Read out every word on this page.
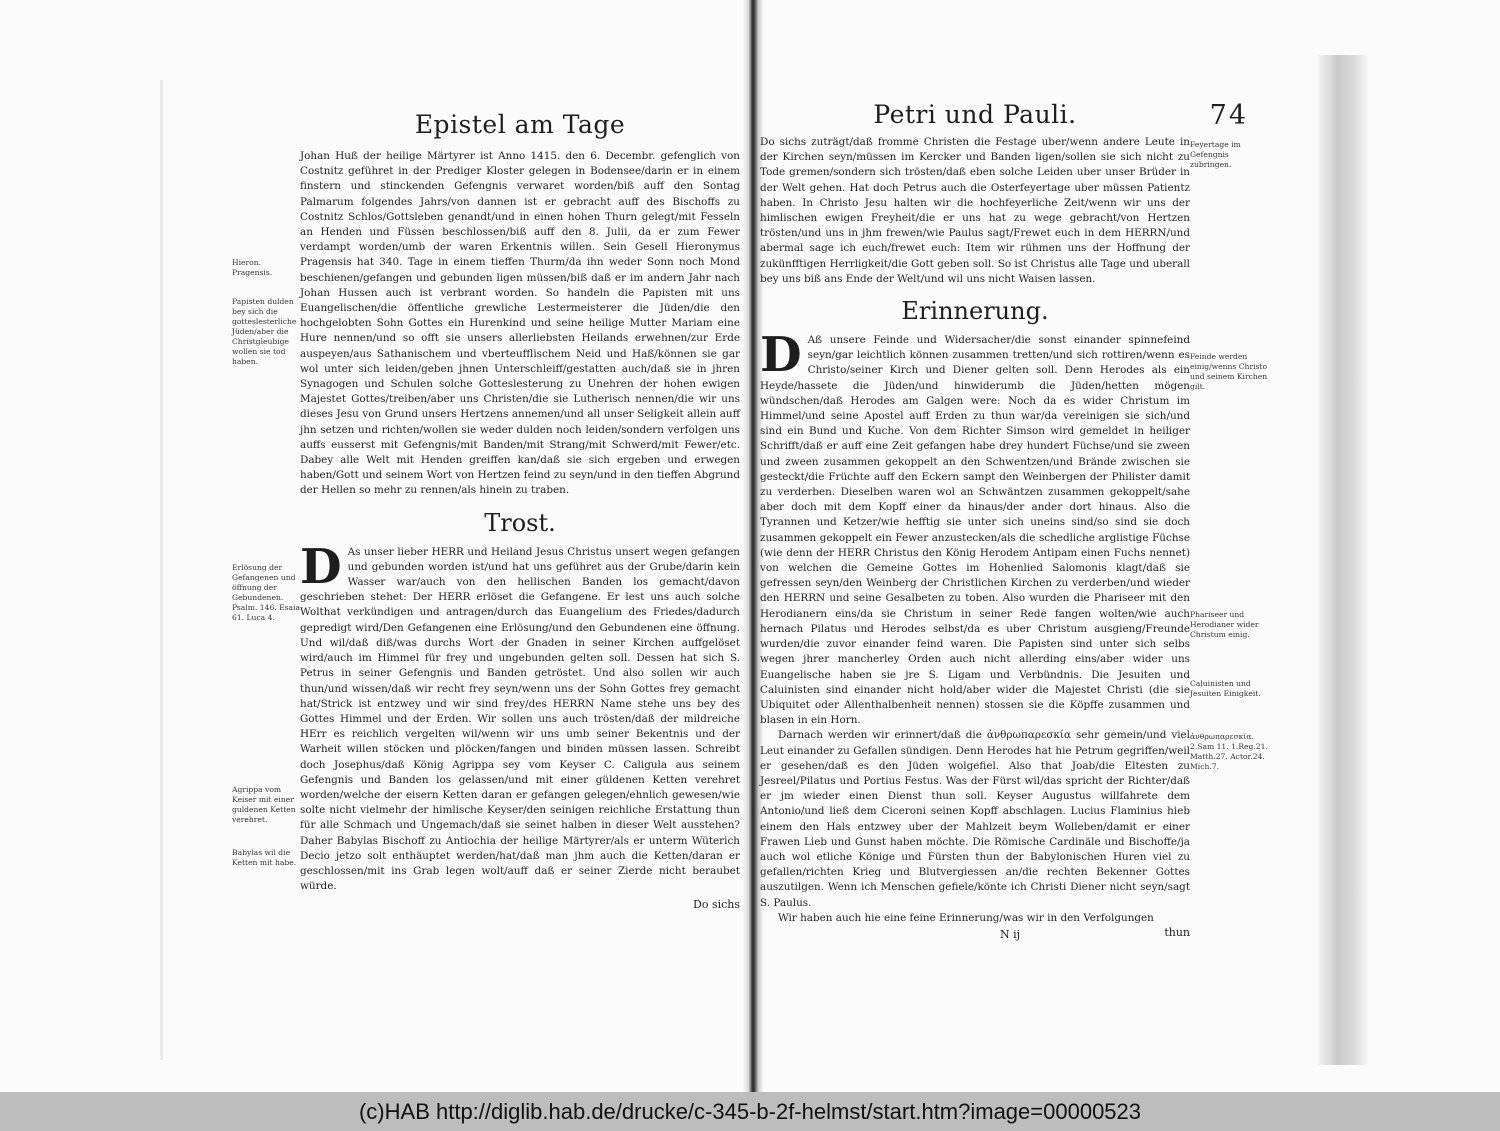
Epistel am Tage

Johan Huß der heilige Märtyrer ist Anno 1415. den 6. Decembr. gefenglich von Costnitz geführet in der Prediger Kloster gelegen in Bodensee/darin er in einem finstern und stinckenden Gefengnis verwaret worden/biß auff den Sontag Palmarum folgendes Jahrs/von dannen ist er gebracht auff des Bischoffs zu Costnitz Schlos/Gottsleben genandt/und in einen hohen Thurn gelegt/mit Fesseln an Henden und Füssen beschlossen/biß auff den 8. Julii, da er zum Fewer verdampt worden/umb der waren Erkentnis willen. Sein Gesell Hieronymus Pragensis hat 340. Tage in einem tieffen Thurm/da ihn weder Sonn noch Mond beschienen/gefangen und gebunden ligen müssen/biß daß er im andern Jahr nach Johan Hussen auch ist verbrant worden. So handeln die Papisten mit uns Euangelischen/die öffentliche grewliche Lestermeisterer die Jüden/die den hochgelobten Sohn Gottes ein Hurenkind und seine heilige Mutter Mariam eine Hure nennen/und so offt sie unsers allerliebsten Heilands erwehnen/zur Erde auspeyen/aus Sathanischem und vberteufflischem Neid und Haß/können sie gar wol unter sich leiden/geben jhnen Unterschleiff/gestatten auch/daß sie in jhren Synagogen und Schulen solche Gotteslesterung zu Unehren der hohen ewigen Majestet Gottes/treiben/aber uns Christen/die sie Lutherisch nennen/die wir uns dieses Jesu von Grund unsers Hertzens annemen/und all unser Seligkeit allein auff jhn setzen und richten/wollen sie weder dulden noch leiden/sondern verfolgen uns auffs eusserst mit Gefengnis/mit Banden/mit Strang/mit Schwerd/mit Fewer/etc. Dabey alle Welt mit Henden greiffen kan/daß sie sich ergeben und erwegen haben/Gott und seinem Wort von Hertzen feind zu seyn/und in den tieffen Abgrund der Hellen so mehr zu rennen/als hinein zu traben.

Trost.
D As unser lieber HERR und Heiland Jesus Christus unsert wegen gefangen und gebunden worden ist/und hat uns geführet aus der Grube/darin kein Wasser war/auch von den hellischen Banden los gemacht/davon geschrieben stehet: Der HERR erlöset die Gefangene. Er lest uns auch solche Wolthat verkündigen und antragen/durch das Euangelium des Friedes/dadurch gepredigt wird/Den Gefangenen eine Erlösung/und den Gebundenen eine öffnung. Und wil/daß diß/was durchs Wort der Gnaden in seiner Kirchen auffgelöset wird/auch im Himmel für frey und ungebunden gelten soll. Dessen hat sich S. Petrus in seiner Gefengnis und Banden getröstet. Und also sollen wir auch thun/und wissen/daß wir recht frey seyn/wenn uns der Sohn Gottes frey gemacht hat/Strick ist entzwey und wir sind frey/des HERRN Name stehe uns bey des Gottes Himmel und der Erden. Wir sollen uns auch trösten/daß der mildreiche HErr es reichlich vergelten wil/wenn wir uns umb seiner Bekentnis und der Warheit willen stöcken und plöcken/fangen und binden müssen lassen. Schreibt doch Josephus/daß König Agrippa sey vom Keyser C. Caligula aus seinem Gefengnis und Banden los gelassen/und mit einer güldenen Ketten verehret worden/welche der eisern Ketten daran er gefangen gelegen/ehnlich gewesen/wie solte nicht vielmehr der himlische Keyser/den seinigen reichliche Erstattung thun für alle Schmach und Ungemach/daß sie seinet halben in dieser Welt ausstehen? Daher Babylas Bischoff zu Antiochia der heilige Märtyrer/als er unterm Wüterich Decio jetzo solt enthäuptet werden/hat/daß man jhm auch die Ketten/daran er geschlossen/mit ins Grab legen wolt/auff daß er seiner Zierde nicht beraubet würde.

Do sichs
Hieron. Pragensis.
Papisten dulden bey sich die gotteslesterliche Jüden/aber die Christgleubige wollen sie tod haben.
Erlösung der Gefangenen und öffnung der Gebundenen. Psalm. 146. Esaia 61. Luca 4.
Agrippa vom Keiser mit einer guldenen Ketten verehret.
Babylas wil die Ketten mit habe.
Petri und Pauli.	74

Do sichs zuträgt/daß fromme Christen die Festage uber/wenn andere Leute in der Kirchen seyn/müssen im Kercker und Banden ligen/sollen sie sich nicht zu Tode gremen/sondern sich trösten/daß eben solche Leiden uber unser Brüder in der Welt gehen. Hat doch Petrus auch die Osterfeyertage uber müssen Patientz haben. In Christo Jesu halten wir die hochfeyerliche Zeit/wenn wir uns der himlischen ewigen Freyheit/die er uns hat zu wege gebracht/von Hertzen trösten/und uns in jhm frewen/wie Paulus sagt/Frewet euch in dem HERRN/und abermal sage ich euch/frewet euch: Item wir rühmen uns der Hoffnung der zukünfftigen Herrligkeit/die Gott geben soll. So ist Christus alle Tage und uberall bey uns biß ans Ende der Welt/und wil uns nicht Waisen lassen.

Erinnerung.
D Aß unsere Feinde und Widersacher/die sonst einander spinnefeind seyn/gar leichtlich können zusammen tretten/und sich rottiren/wenn es Christo/seiner Kirch und Diener gelten soll. Denn Herodes als ein Heyde/hassete die Jüden/und hinwiderumb die Jüden/hetten mögen wündschen/daß Herodes am Galgen were: Noch da es wider Christum im Himmel/und seine Apostel auff Erden zu thun war/da vereinigen sie sich/und sind ein Bund und Kuche. Von dem Richter Simson wird gemeldet in heiliger Schrifft/daß er auff eine Zeit gefangen habe drey hundert Füchse/und sie zween und zween zusammen gekoppelt an den Schwentzen/und Brände zwischen sie gesteckt/die Früchte auff den Eckern sampt den Weinbergen der Philister damit zu verderben. Dieselben waren wol an Schwäntzen zusammen gekoppelt/sahe aber doch mit dem Kopff einer da hinaus/der ander dort hinaus. Also die Tyrannen und Ketzer/wie hefftig sie unter sich uneins sind/so sind sie doch zusammen gekoppelt ein Fewer anzustecken/als die schedliche arglistige Füchse (wie denn der HERR Christus den König Herodem Antipam einen Fuchs nennet) von welchen die Gemeine Gottes im Hohenlied Salomonis klagt/daß sie gefressen seyn/den Weinberg der Christlichen Kirchen zu verderben/und wieder den HERRN und seine Gesalbeten zu toben. Also wurden die Phariseer mit den Herodianern eins/da sie Christum in seiner Rede fangen wolten/wie auch hernach Pilatus und Herodes selbst/da es uber Christum ausgieng/Freunde wurden/die zuvor einander feind waren. Die Papisten sind unter sich selbs wegen jhrer mancherley Orden auch nicht allerding eins/aber wider uns Euangelische haben sie jre S. Ligam und Verbündnis. Die Jesuiten und Caluinisten sind einander nicht hold/aber wider die Majestet Christi (die sie Ubiquitet oder Allenthalbenheit nennen) stossen sie die Köpffe zusammen und blasen in ein Horn.

Darnach werden wir erinnert/daß die ἀνθρωπαρεσκία sehr gemein/und viel Leut einander zu Gefallen sündigen. Denn Herodes hat hie Petrum gegriffen/weil er gesehen/daß es den Jüden wolgefiel. Also that Joab/die Eltesten zu Jesreel/Pilatus und Portius Festus. Was der Fürst wil/das spricht der Richter/daß er jm wieder einen Dienst thun soll. Keyser Augustus willfahrete dem Antonio/und ließ dem Ciceroni seinen Kopff abschlagen. Lucius Flaminius hieb einem den Hals entzwey uber der Mahlzeit beym Wolleben/damit er einer Frawen Lieb und Gunst haben möchte. Die Römische Cardinäle und Bischoffe/ja auch wol etliche Könige und Fürsten thun der Babylonischen Huren viel zu gefallen/richten Krieg und Blutvergiessen an/die rechten Bekenner Gottes auszutilgen. Wenn ich Menschen gefiele/könte ich Christi Diener nicht seyn/sagt S. Paulus.

Wir haben auch hie eine feine Erinnerung/was wir in den Verfolgungen

N ij	thun
Feyertage im Gefengnis zubringen.
Feinde werden einig/wenns Christo und seinem Kirchen gilt.
Phariseer und Herodianer wider Christum einig.
Caluinisten und Jesuiten Einigkeit.
ἀνθρωπαρεσκία. 2.Sam 11. 1.Reg.21. Matth.27. Actor.24. Mich.7.
(c)HAB http://diglib.hab.de/drucke/c-345-b-2f-helmst/start.htm?image=00000523
